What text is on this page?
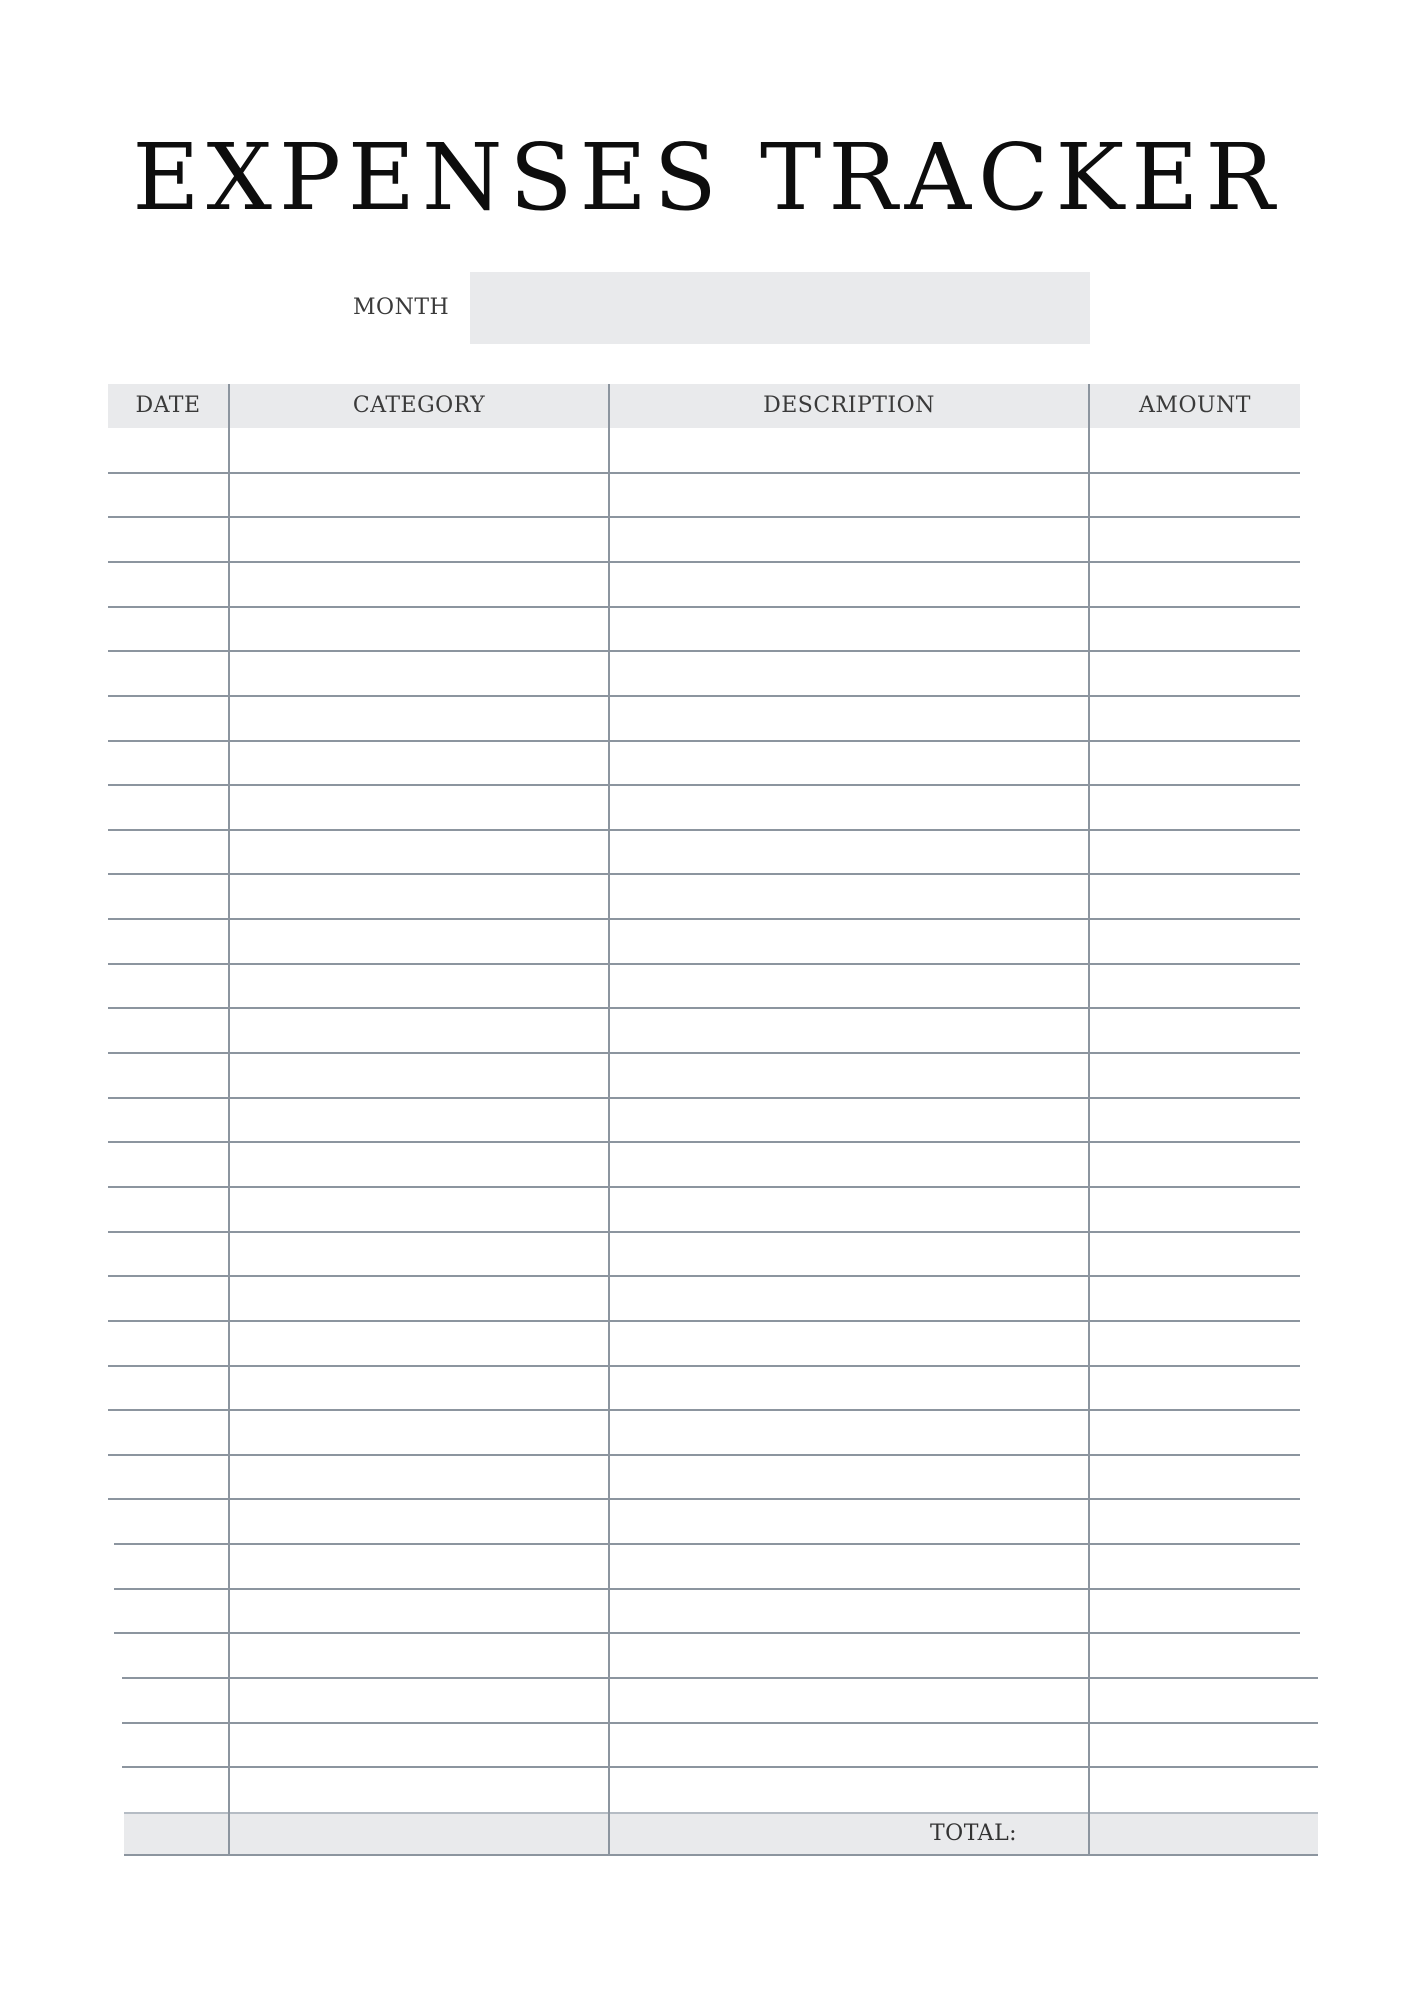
EXPENSES TRACKER
MONTH
DATE	CATEGORY	DESCRIPTION	AMOUNT
TOTAL:
